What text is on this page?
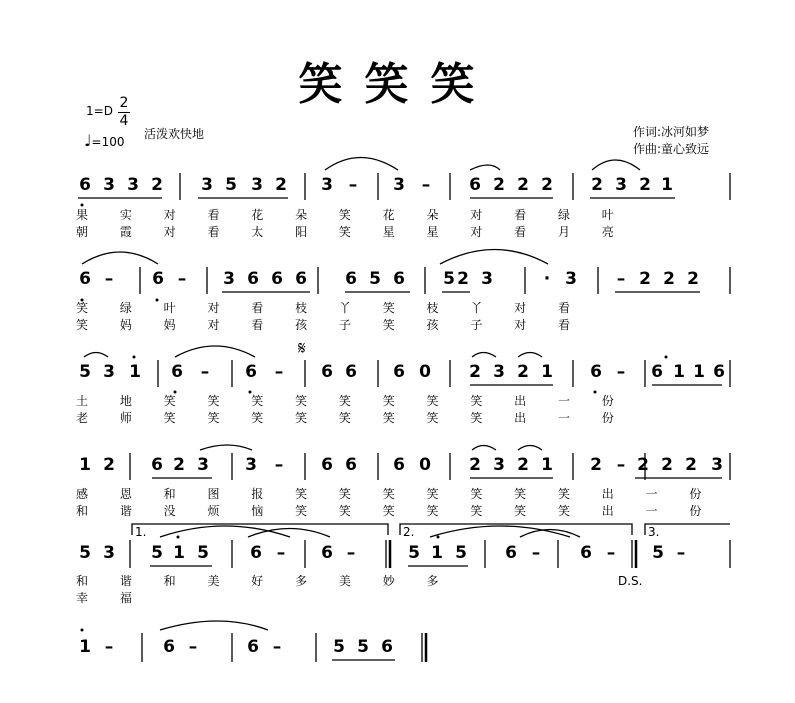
笑笑笑
1=D 2
4
♩=100
活泼欢快地	作词:冰河如梦
作曲:童心致远
𝄋
6 3 3 2 3 5 3 2 3 – 3 – 6 2 2 2 2 3 2 1
6 – 6 – 3 6 6 6 6 5 6 5 2 3	· 3 – 2 2 2
5 3 1 6 – 6 – 6 6 6 0 2 3 2 1 6 – 6 1 1 6
1 2 6 2 3 3 – 6 6 6 0 2 3 2 1 2 – 2 2 2 3
5 3 5 1 5 6 – 6 –	5 1 5 6 – 6 – 5 –
1 –	6 –	6 –	5 5 6
果 实 对 看 花 朵 笑 花 朵 对 看 绿 叶
朝 霞 对 看 太 阳 笑 星 星 对 看 月 亮
笑 绿 叶 对 看 枝 丫 笑 枝 丫 对 看
笑 妈 妈 对 看 孩 子 笑 孩 子 对 看
土 地 笑 笑 笑 笑 笑 笑 笑 笑 出 一 份
老 师 笑 笑 笑 笑 笑 笑 笑 笑 出 一 份
感 恩 和 图 报 笑 笑 笑 笑 笑 笑 笑 出 一 份
和 谐 没 烦 恼 笑 笑 笑 笑 笑 笑 笑 出 一 份
和 谐 和 美 好 多 美 妙 多
幸 福
D.S.
1.	2.	3.
